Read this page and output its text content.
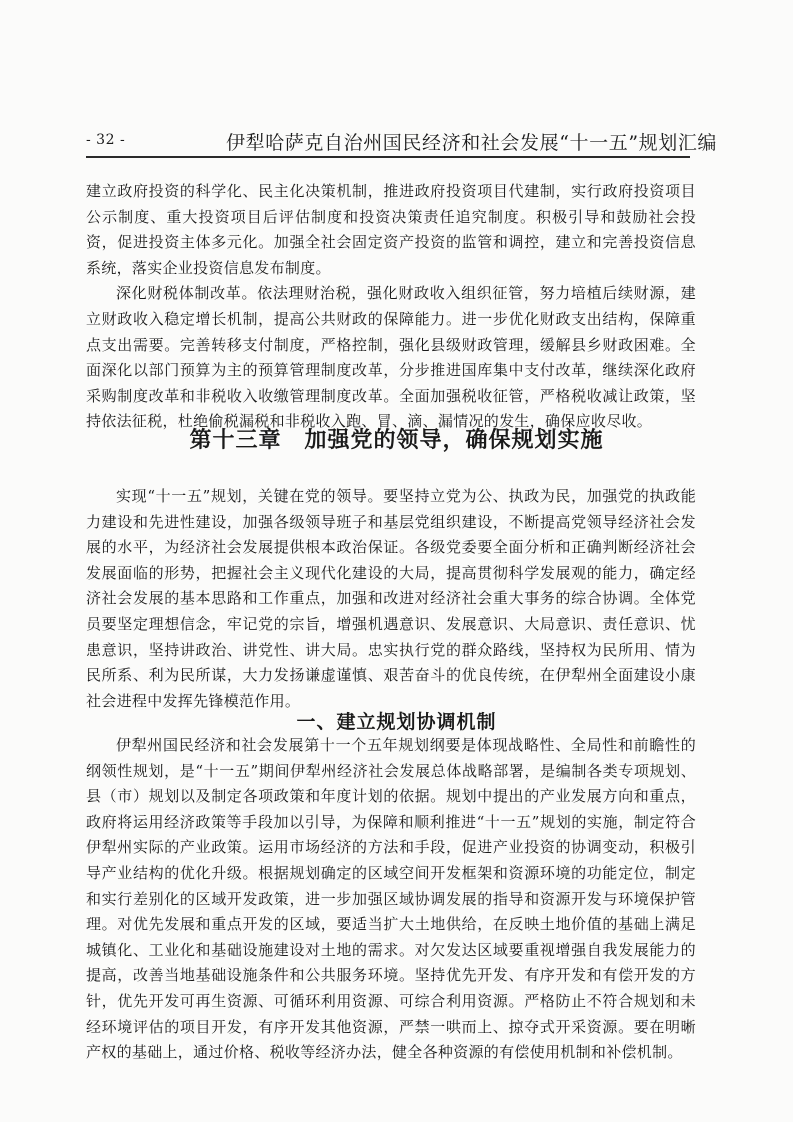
- 32 -	伊犁哈萨克自治州国民经济和社会发展“十一五”规划汇编

建立政府投资的科学化、民主化决策机制，推进政府投资项目代建制，实行政府投资项目公示制度、重大投资项目后评估制度和投资决策责任追究制度。积极引导和鼓励社会投资，促进投资主体多元化。加强全社会固定资产投资的监管和调控，建立和完善投资信息系统，落实企业投资信息发布制度。

深化财税体制改革。依法理财治税，强化财政收入组织征管，努力培植后续财源，建立财政收入稳定增长机制，提高公共财政的保障能力。进一步优化财政支出结构，保障重点支出需要。完善转移支付制度，严格控制，强化县级财政管理，缓解县乡财政困难。全面深化以部门预算为主的预算管理制度改革，分步推进国库集中支付改革，继续深化政府采购制度改革和非税收入收缴管理制度改革。全面加强税收征管，严格税收减让政策，坚持依法征税，杜绝偷税漏税和非税收入跑、冒、滴、漏情况的发生，确保应收尽收。

第十三章　加强党的领导，确保规划实施

实现“十一五”规划，关键在党的领导。要坚持立党为公、执政为民，加强党的执政能力建设和先进性建设，加强各级领导班子和基层党组织建设，不断提高党领导经济社会发展的水平，为经济社会发展提供根本政治保证。各级党委要全面分析和正确判断经济社会发展面临的形势，把握社会主义现代化建设的大局，提高贯彻科学发展观的能力，确定经济社会发展的基本思路和工作重点，加强和改进对经济社会重大事务的综合协调。全体党员要坚定理想信念，牢记党的宗旨，增强机遇意识、发展意识、大局意识、责任意识、忧患意识，坚持讲政治、讲党性、讲大局。忠实执行党的群众路线，坚持权为民所用、情为民所系、利为民所谋，大力发扬谦虚谨慎、艰苦奋斗的优良传统，在伊犁州全面建设小康社会进程中发挥先锋模范作用。

一、建立规划协调机制

伊犁州国民经济和社会发展第十一个五年规划纲要是体现战略性、全局性和前瞻性的纲领性规划，是“十一五”期间伊犁州经济社会发展总体战略部署，是编制各类专项规划、县（市）规划以及制定各项政策和年度计划的依据。规划中提出的产业发展方向和重点，政府将运用经济政策等手段加以引导，为保障和顺利推进“十一五”规划的实施，制定符合伊犁州实际的产业政策。运用市场经济的方法和手段，促进产业投资的协调变动，积极引导产业结构的优化升级。根据规划确定的区域空间开发框架和资源环境的功能定位，制定和实行差别化的区域开发政策，进一步加强区域协调发展的指导和资源开发与环境保护管理。对优先发展和重点开发的区域，要适当扩大土地供给，在反映土地价值的基础上满足城镇化、工业化和基础设施建设对土地的需求。对欠发达区域要重视增强自我发展能力的提高，改善当地基础设施条件和公共服务环境。坚持优先开发、有序开发和有偿开发的方针，优先开发可再生资源、可循环利用资源、可综合利用资源。严格防止不符合规划和未经环境评估的项目开发，有序开发其他资源，严禁一哄而上、掠夺式开采资源。要在明晰产权的基础上，通过价格、税收等经济办法，健全各种资源的有偿使用机制和补偿机制。
